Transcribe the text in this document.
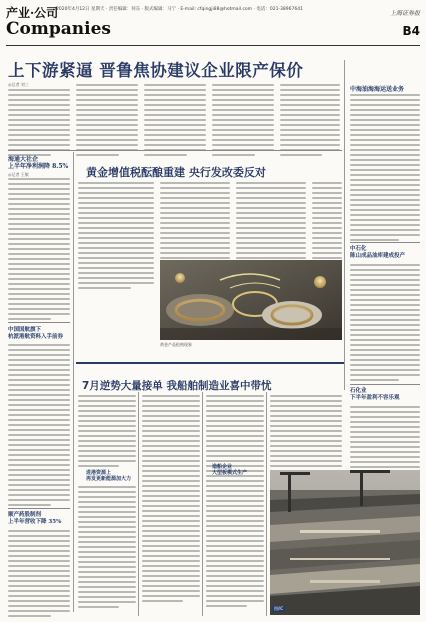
产业·公司
2020年4月12日 星期天 · 责任编辑：何东 · 版式编辑：马宁 · E-mail: cfqingji88@hotmail.com · 电话：021-38967641
上海证券报
Companies	B4
上下游紧逼 晋鲁焦协建议企业限产保价
◎记者 刘三
海通大社企
上半年净利润降 8.5%
◎记者 王敏
中国国航旗下
杭派港航资料入手前券
顺产药股制剂
上半年营收下降 35%
黄金增值税酝酿重建 央行发改委反对
黄金产品抢购现象
中海油海海运送业务
中石化
陈山成品油库建成投产
石化业
下半年盈利不容乐观
7月逆势大量接单 我船舶制造业喜中带忧
进港资源上
再发更新能源加大力
造船企业
大型板模式生产
图/IC
